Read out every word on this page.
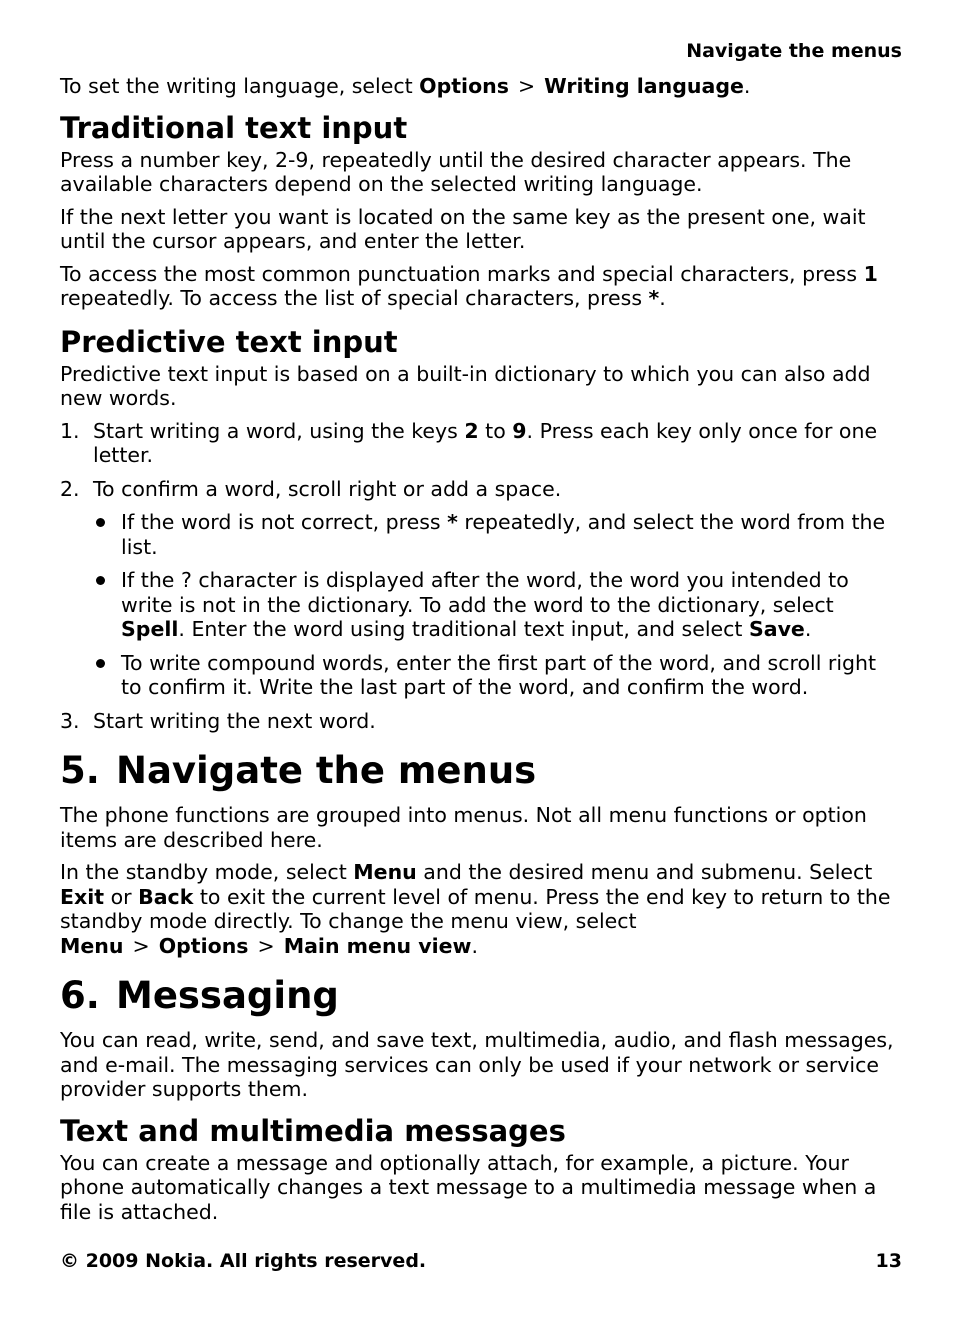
Navigate the menus

To set the writing language, select Options > Writing language.

Traditional text input

Press a number key, 2-9, repeatedly until the desired character appears. The available characters depend on the selected writing language.

If the next letter you want is located on the same key as the present one, wait until the cursor appears, and enter the letter.

To access the most common punctuation marks and special characters, press 1 repeatedly. To access the list of special characters, press *.

Predictive text input

Predictive text input is based on a built-in dictionary to which you can also add new words.

1. Start writing a word, using the keys 2 to 9. Press each key only once for one letter.
2. To confirm a word, scroll right or add a space.
If the word is not correct, press * repeatedly, and select the word from the list.
If the ? character is displayed after the word, the word you intended to write is not in the dictionary. To add the word to the dictionary, select Spell. Enter the word using traditional text input, and select Save.
To write compound words, enter the first part of the word, and scroll right to confirm it. Write the last part of the word, and confirm the word.
3. Start writing the next word.
5. Navigate the menus

The phone functions are grouped into menus. Not all menu functions or option items are described here.

In the standby mode, select Menu and the desired menu and submenu. Select Exit or Back to exit the current level of menu. Press the end key to return to the standby mode directly. To change the menu view, select Menu > Options > Main menu view.

6. Messaging

You can read, write, send, and save text, multimedia, audio, and flash messages, and e-mail. The messaging services can only be used if your network or service provider supports them.

Text and multimedia messages

You can create a message and optionally attach, for example, a picture. Your phone automatically changes a text message to a multimedia message when a file is attached.

© 2009 Nokia. All rights reserved.	13
